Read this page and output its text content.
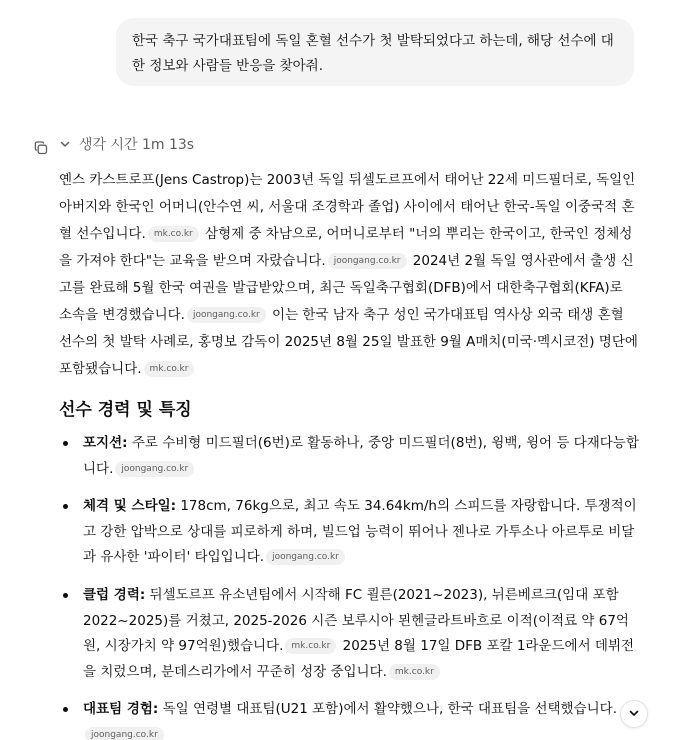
한국 축구 국가대표팀에 독일 혼혈 선수가 첫 발탁되었다고 하는데, 해당 선수에 대한 정보와 사람들 반응을 찾아줘.
생각 시간 1m 13s

옌스 카스트로프(Jens Castrop)는 2003년 독일 뒤셀도르프에서 태어난 22세 미드필더로, 독일인 아버지와 한국인 어머니(안수연 씨, 서울대 조경학과 졸업) 사이에서 태어난 한국-독일 이중국적 혼혈 선수입니다. mk.co.kr 삼형제 중 차남으로, 어머니로부터 "너의 뿌리는 한국이고, 한국인 정체성을 가져야 한다"는 교육을 받으며 자랐습니다. joongang.co.kr 2024년 2월 독일 영사관에서 출생 신고를 완료해 5월 한국 여권을 발급받았으며, 최근 독일축구협회(DFB)에서 대한축구협회(KFA)로 소속을 변경했습니다. joongang.co.kr 이는 한국 남자 축구 성인 국가대표팀 역사상 외국 태생 혼혈 선수의 첫 발탁 사례로, 홍명보 감독이 2025년 8월 25일 발표한 9월 A매치(미국·멕시코전) 명단에 포함됐습니다. mk.co.kr

선수 경력 및 특징
포지션: 주로 수비형 미드필더(6번)로 활동하나, 중앙 미드필더(8번), 윙백, 윙어 등 다재다능합니다. joongang.co.kr
체격 및 스타일: 178cm, 76kg으로, 최고 속도 34.64km/h의 스피드를 자랑합니다. 투쟁적이고 강한 압박으로 상대를 피로하게 하며, 빌드업 능력이 뛰어나 젠나로 가투소나 아르투로 비달과 유사한 '파이터' 타입입니다. joongang.co.kr
클럽 경력: 뒤셀도르프 유소년팀에서 시작해 FC 쾰른(2021~2023), 뉘른베르크(임대 포함 2022~2025)를 거쳤고, 2025-2026 시즌 보루시아 묀헨글라트바흐로 이적(이적료 약 67억원, 시장가치 약 97억원)했습니다. mk.co.kr 2025년 8월 17일 DFB 포칼 1라운드에서 데뷔전을 치렀으며, 분데스리가에서 꾸준히 성장 중입니다. mk.co.kr
대표팀 경험: 독일 연령별 대표팀(U21 포함)에서 활약했으나, 한국 대표팀을 선택했습니다.
joongang.co.kr
